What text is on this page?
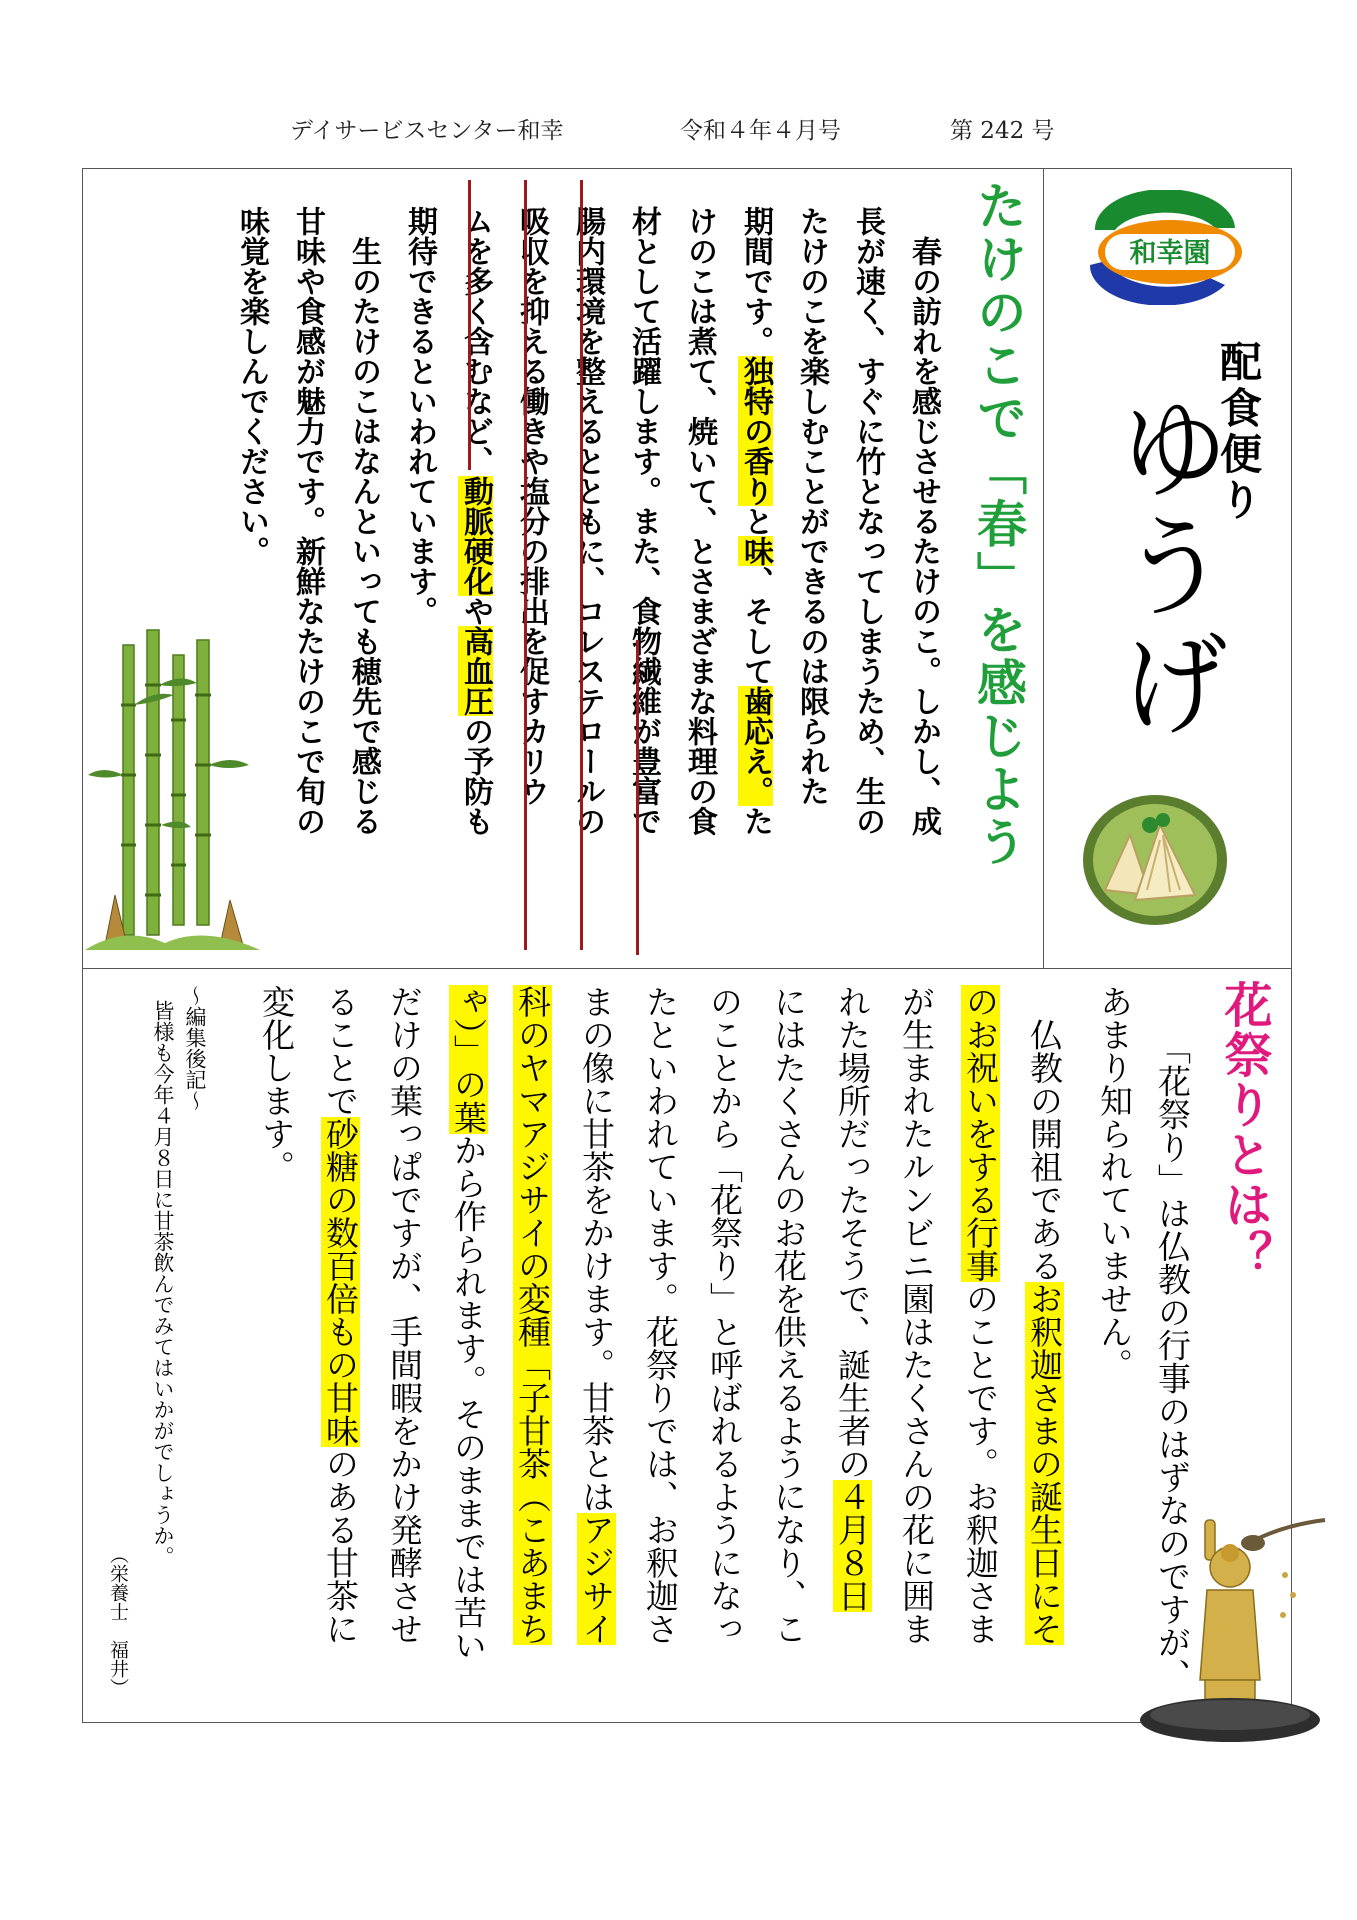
デイサービスセンター和幸	令和４年４月号	第 242 号
和幸園
配食便り
ゆうげ
たけのこで「春」を感じよう
　春の訪れを感じさせるたけのこ。しかし、成
長が速く、すぐに竹となってしまうため、生の
たけのこを楽しむことができるのは限られた
期間です。独特の香りと味、そして歯応え。た
けのこは煮て、焼いて、とさまざまな料理の食
材として活躍します。また、食物繊維が豊富で
腸内環境を整えるとともに、コレステロールの
吸収を抑える働きや塩分の排出を促すカリウ
ムを多く含むなど、動脈硬化や高血圧の予防も
期待できるといわれています。
　生のたけのこはなんといっても穂先で感じる
甘味や食感が魅力です。新鮮なたけのこで旬の
味覚を楽しんでください。
花祭りとは？
　「花祭り」は仏教の行事のはずなのですが、
あまり知られていません。
　仏教の開祖であるお釈迦さまの誕生日にそ
のお祝いをする行事のことです。お釈迦さま
が生まれたルンビニ園はたくさんの花に囲ま
れた場所だったそうで、誕生者の４月８日
にはたくさんのお花を供えるようになり、こ
のことから「花祭り」と呼ばれるようになっ
たといわれています。花祭りでは、お釈迦さ
まの像に甘茶をかけます。甘茶とはアジサイ
科のヤマアジサイの変種「子甘茶（こあまち
ゃ）」の葉から作られます。そのままでは苦い
だけの葉っぱですが、手間暇をかけ発酵させ
ることで砂糖の数百倍もの甘味のある甘茶に
変化します。
～編集後記～
皆様も今年４月８日に甘茶飲んでみてはいかがでしょうか。
（栄養士　福井）
